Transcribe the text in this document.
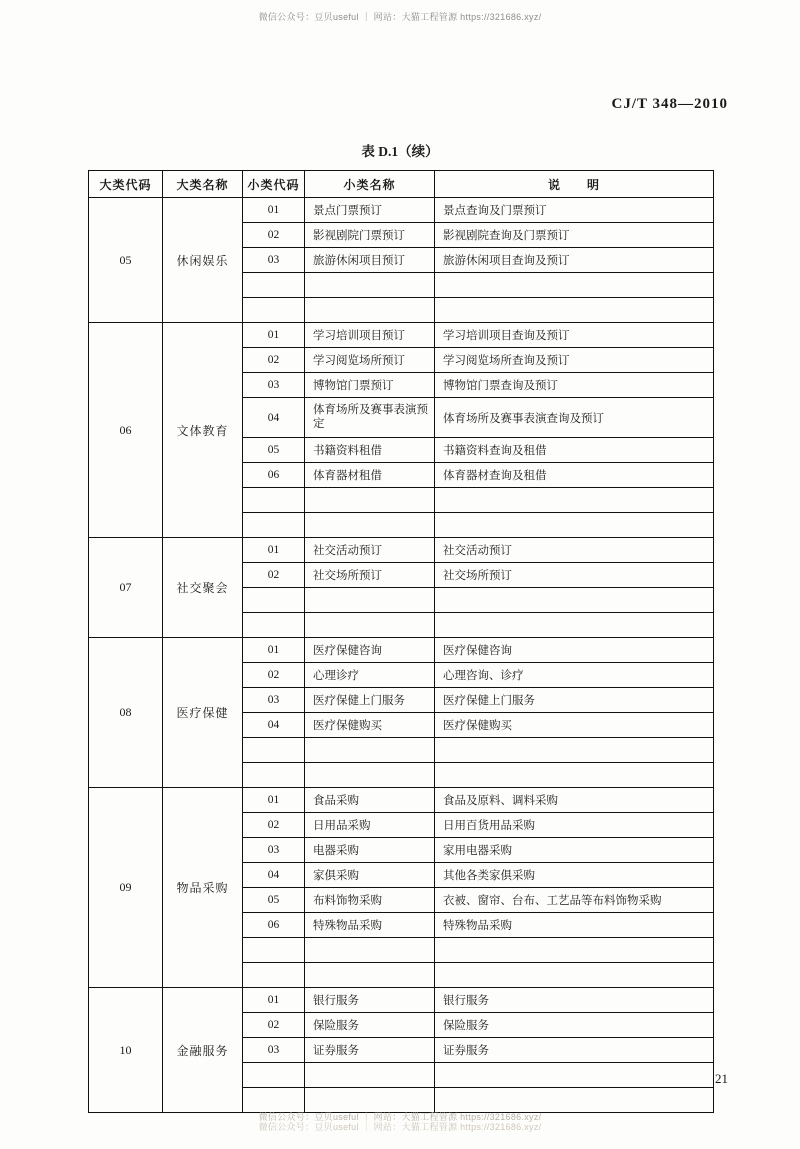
微信公众号：豆贝useful ｜ 网站：大猫工程管源 https://321686.xyz/
CJ/T 348—2010
表 D.1（续）
大类代码	大类名称	小类代码	小类名称	说　　明
05	休闲娱乐	01	景点门票预订	景点查询及门票预订
		02	影视剧院门票预订	影视剧院查询及门票预订
		03	旅游休闲项目预订	旅游休闲项目查询及预订

06	文体教育	01	学习培训项目预订	学习培训项目查询及预订
		02	学习阅览场所预订	学习阅览场所查询及预订
		03	博物馆门票预订	博物馆门票查询及预订
		04	体育场所及赛事表演预定	体育场所及赛事表演查询及预订
		05	书籍资料租借	书籍资料查询及租借
		06	体育器材租借	体育器材查询及租借

07	社交聚会	01	社交活动预订	社交活动预订
		02	社交场所预订	社交场所预订

08	医疗保健	01	医疗保健咨询	医疗保健咨询
		02	心理诊疗	心理咨询、诊疗
		03	医疗保健上门服务	医疗保健上门服务
		04	医疗保健购买	医疗保健购买

09	物品采购	01	食品采购	食品及原料、调料采购
		02	日用品采购	日用百货用品采购
		03	电器采购	家用电器采购
		04	家俱采购	其他各类家俱采购
		05	布料饰物采购	衣被、窗帘、台布、工艺品等布料饰物采购
		06	特殊物品采购	特殊物品采购

10	金融服务	01	银行服务	银行服务
		02	保险服务	保险服务
		03	证券服务	证券服务

21
微信公众号：豆贝useful ｜ 网站：大猫工程管源 https://321686.xyz/
微信公众号：豆贝useful ｜ 网站：大猫工程管源 https://321686.xyz/
